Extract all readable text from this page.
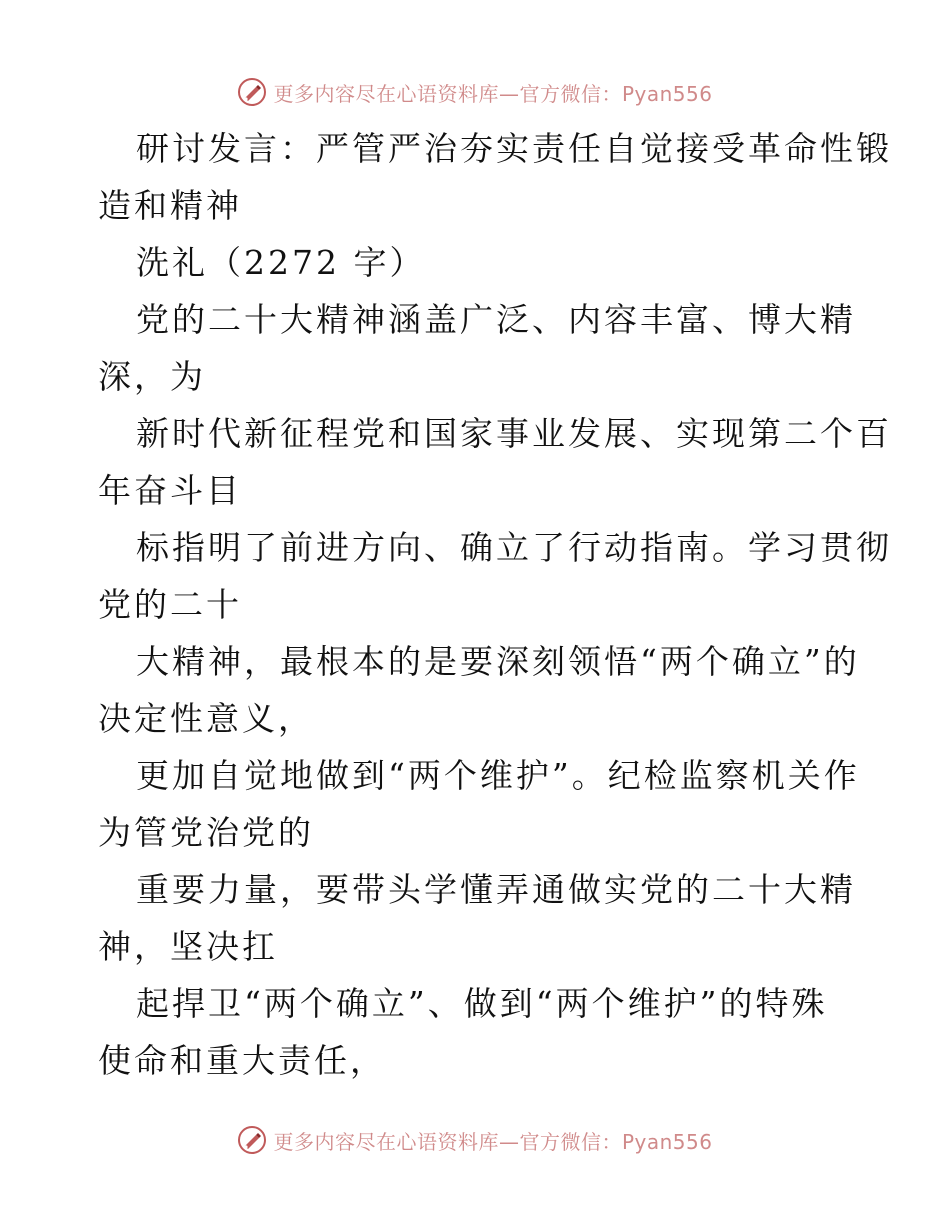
更多内容尽在心语资料库—官方微信：Pyan556
研讨发言：严管严治夯实责任自觉接受革命性锻
造和精神
洗礼（2272 字）
党的二十大精神涵盖广泛、内容丰富、博大精
深，为
新时代新征程党和国家事业发展、实现第二个百
年奋斗目
标指明了前进方向、确立了行动指南。学习贯彻
党的二十
大精神，最根本的是要深刻领悟“两个确立”的
决定性意义，
更加自觉地做到“两个维护”。纪检监察机关作
为管党治党的
重要力量，要带头学懂弄通做实党的二十大精
神，坚决扛
起捍卫“两个确立”、做到“两个维护”的特殊
使命和重大责任，
更多内容尽在心语资料库—官方微信：Pyan556
